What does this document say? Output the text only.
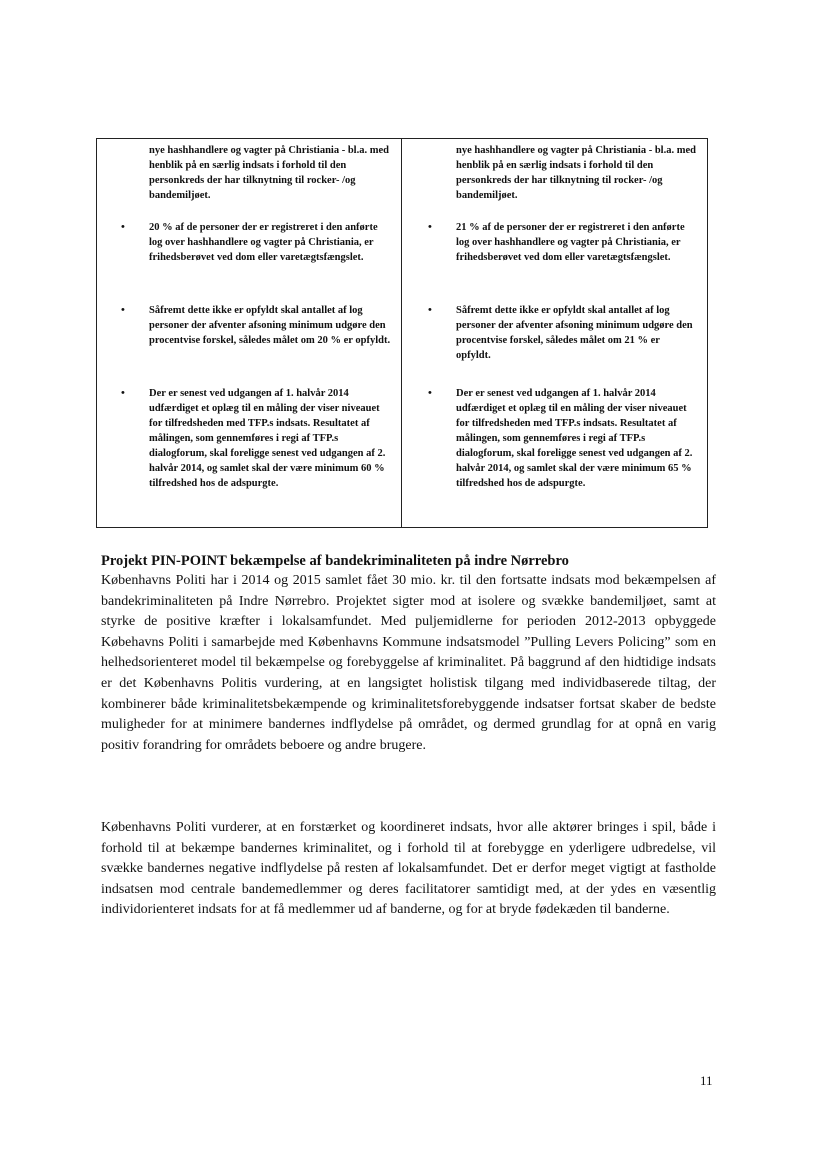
nye hashhandlere og vagter på Christiania - bl.a. med henblik på en særlig indsats i forhold til den personkreds der har tilknytning til rocker- /og bandemiljøet.
• 20 % af de personer der er registreret i den anførte log over hashhandlere og vagter på Christiania, er frihedsberøvet ved dom eller varetægtsfængslet.
• Såfremt dette ikke er opfyldt skal antallet af log personer der afventer afsoning minimum udgøre den procentvise forskel, således målet om 20 % er opfyldt.
• Der er senest ved udgangen af 1. halvår 2014 udfærdiget et oplæg til en måling der viser niveauet for tilfredsheden med TFP.s indsats. Resultatet af målingen, som gennemføres i regi af TFP.s dialogforum, skal foreligge senest ved udgangen af 2. halvår 2014, og samlet skal der være minimum 60 % tilfredshed hos de adspurgte.
nye hashhandlere og vagter på Christiania - bl.a. med henblik på en særlig indsats i forhold til den personkreds der har tilknytning til rocker- /og bandemiljøet.
• 21 % af de personer der er registreret i den anførte log over hashhandlere og vagter på Christiania, er frihedsberøvet ved dom eller varetægtsfængslet.
• Såfremt dette ikke er opfyldt skal antallet af log personer der afventer afsoning minimum udgøre den procentvise forskel, således målet om 21 % er opfyldt.
• Der er senest ved udgangen af 1. halvår 2014 udfærdiget et oplæg til en måling der viser niveauet for tilfredsheden med TFP.s indsats. Resultatet af målingen, som gennemføres i regi af TFP.s dialogforum, skal foreligge senest ved udgangen af 2. halvår 2014, og samlet skal der være minimum 65 % tilfredshed hos de adspurgte.
Projekt PIN-POINT bekæmpelse af bandekriminaliteten på indre Nørrebro

Københavns Politi har i 2014 og 2015 samlet fået 30 mio. kr. til den fortsatte indsats mod bekæmpelsen af bandekriminaliteten på Indre Nørrebro. Projektet sigter mod at isolere og svække bandemiljøet, samt at styrke de positive kræfter i lokalsamfundet. Med puljemidlerne for perioden 2012-2013 opbyggede Købehavns Politi i samarbejde med Københavns Kommune indsatsmodel ”Pulling Levers Policing” som en helhedsorienteret model til bekæmpelse og forebyggelse af kriminalitet. På baggrund af den hidtidige indsats er det Københavns Politis vurdering, at en langsigtet holistisk tilgang med individbaserede tiltag, der kombinerer både kriminalitetsbekæmpende og kriminalitetsforebyggende indsatser fortsat skaber de bedste muligheder for at minimere bandernes indflydelse på området, og dermed grundlag for at opnå en varig positiv forandring for områdets beboere og andre brugere.

Københavns Politi vurderer, at en forstærket og koordineret indsats, hvor alle aktører bringes i spil, både i forhold til at bekæmpe bandernes kriminalitet, og i forhold til at forebygge en yderligere udbredelse, vil svække bandernes negative indflydelse på resten af lokalsamfundet. Det er derfor meget vigtigt at fastholde indsatsen mod centrale bandemedlemmer og deres facilitatorer samtidigt med, at der ydes en væsentlig individorienteret indsats for at få medlemmer ud af banderne, og for at bryde fødekæden til banderne.

11
